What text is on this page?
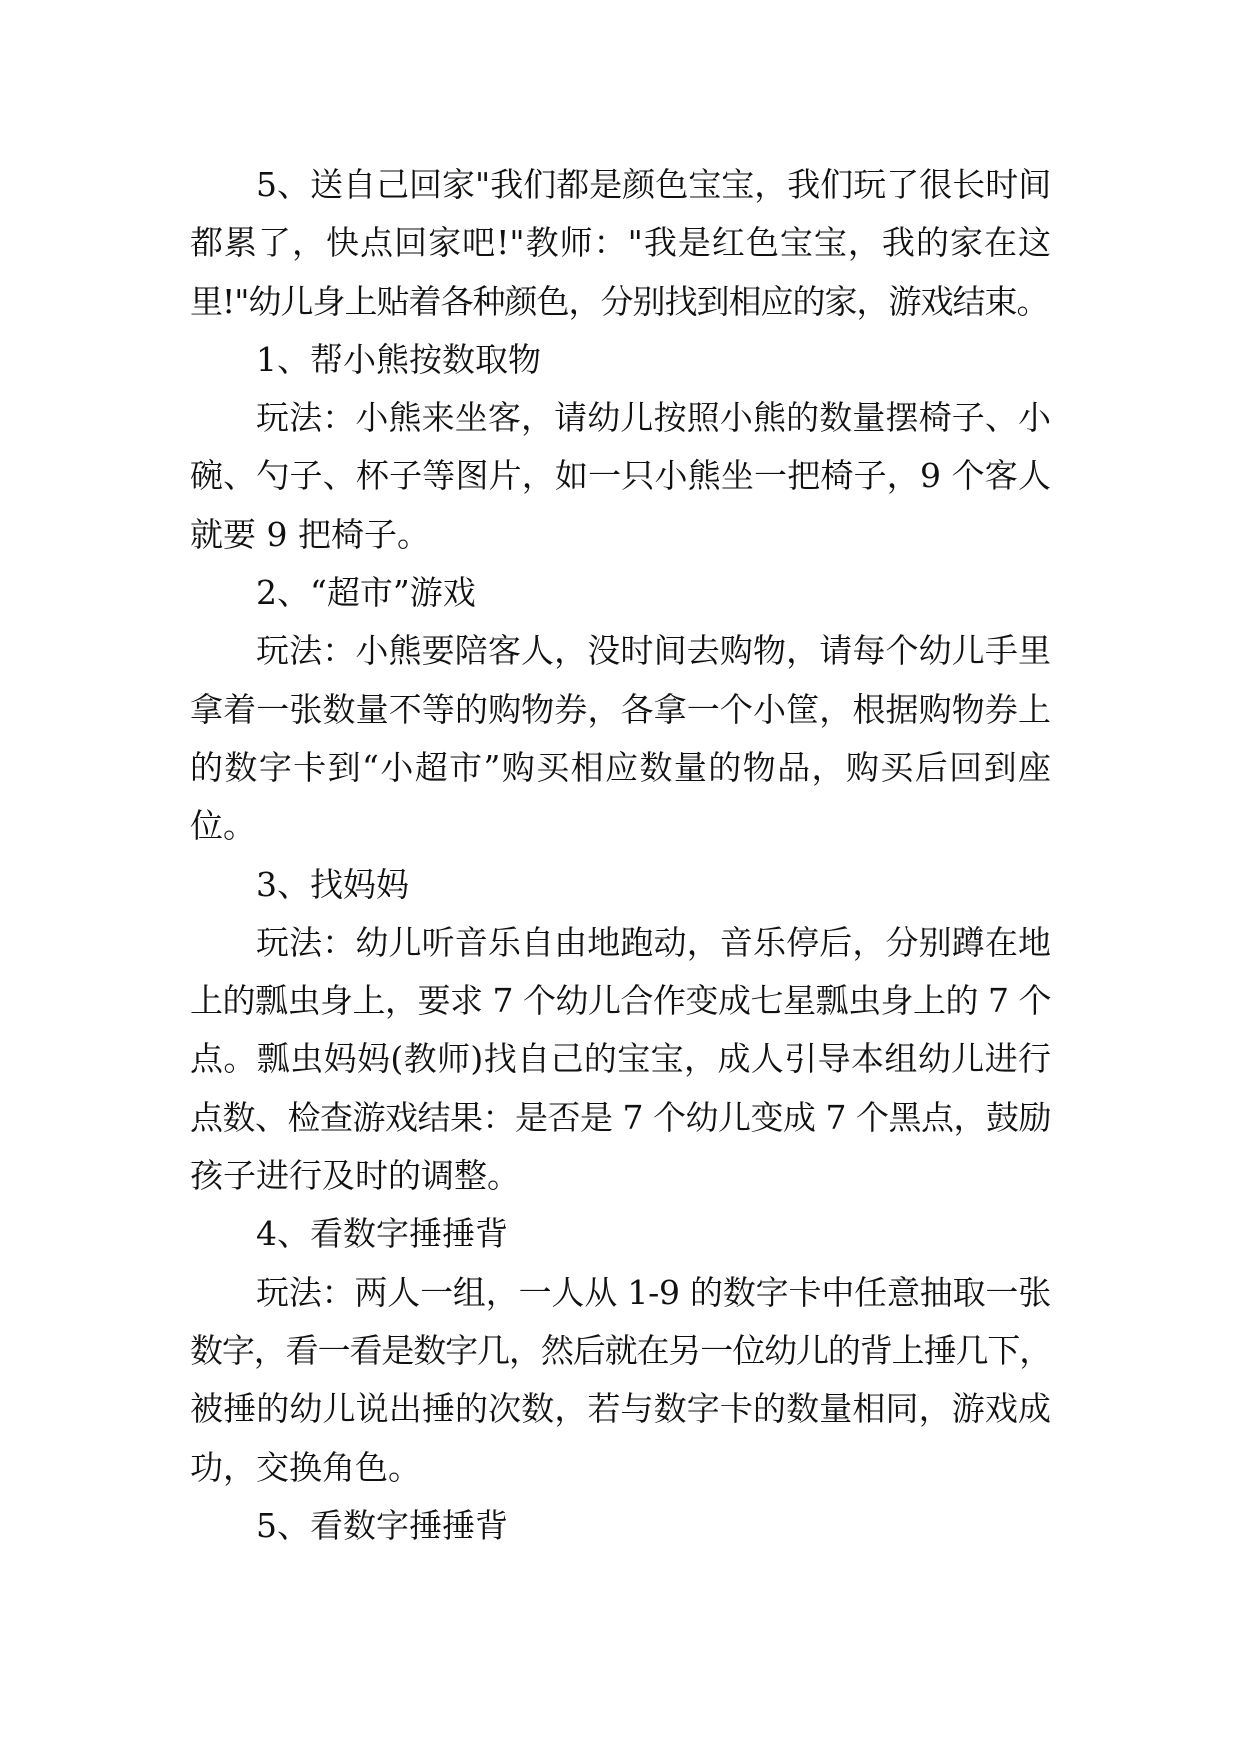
5、送自己回家"我们都是颜色宝宝，我们玩了很长时间
都累了，快点回家吧!"教师："我是红色宝宝，我的家在这
里!"幼儿身上贴着各种颜色，分别找到相应的家，游戏结束。
1、帮小熊按数取物
玩法：小熊来坐客，请幼儿按照小熊的数量摆椅子、小
碗、勺子、杯子等图片，如一只小熊坐一把椅子，9 个客人
就要 9 把椅子。
2、“超市”游戏
玩法：小熊要陪客人，没时间去购物，请每个幼儿手里
拿着一张数量不等的购物券，各拿一个小筐，根据购物券上
的数字卡到“小超市”购买相应数量的物品，购买后回到座
位。
3、找妈妈
玩法：幼儿听音乐自由地跑动，音乐停后，分别蹲在地
上的瓢虫身上，要求 7 个幼儿合作变成七星瓢虫身上的 7 个
点。瓢虫妈妈(教师)找自己的宝宝，成人引导本组幼儿进行
点数、检查游戏结果：是否是 7 个幼儿变成 7 个黑点，鼓励
孩子进行及时的调整。
4、看数字捶捶背
玩法：两人一组，一人从 1-9 的数字卡中任意抽取一张
数字，看一看是数字几，然后就在另一位幼儿的背上捶几下，
被捶的幼儿说出捶的次数，若与数字卡的数量相同，游戏成
功，交换角色。
5、看数字捶捶背
